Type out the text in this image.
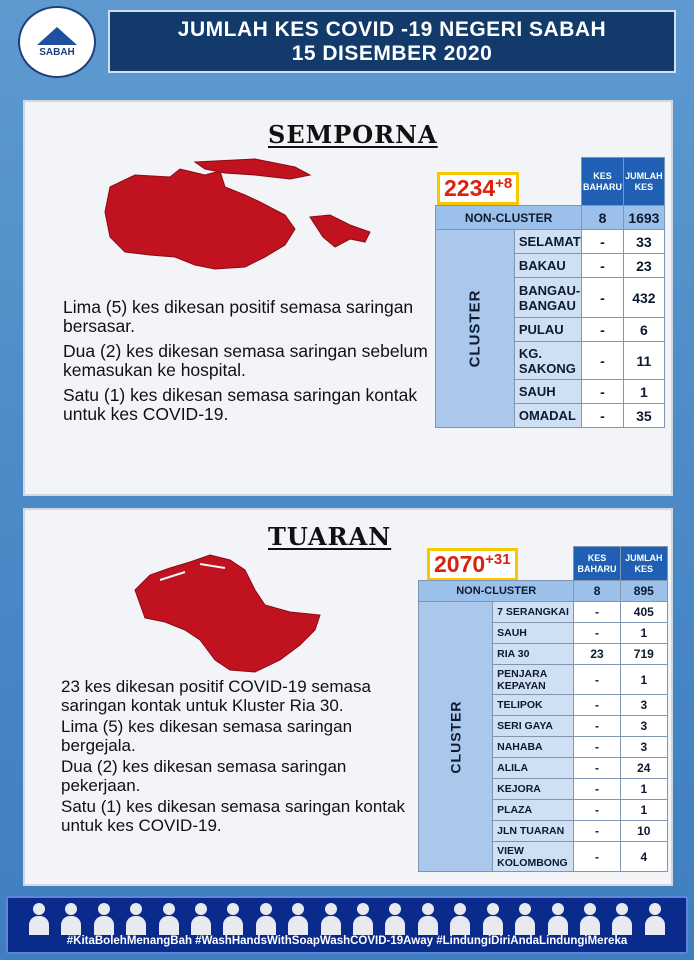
SABAH
JUMLAH KES COVID -19 NEGERI SABAH
15 DISEMBER 2020
SEMPORNA
2234+8
		KES BAHARU	JUMLAH KES
NON-CLUSTER		8	1693
CLUSTER	SELAMAT	-	33
	BAKAU	-	23
	BANGAU-BANGAU	-	432
	PULAU	-	6
	KG. SAKONG	-	11
	SAUH	-	1
	OMADAL	-	35

Lima (5) kes dikesan positif semasa saringan bersasar.

Dua (2) kes dikesan semasa saringan sebelum kemasukan ke hospital.

Satu (1) kes dikesan semasa saringan kontak untuk kes COVID-19.

TUARAN
2070+31
		KES BAHARU	JUMLAH KES
NON-CLUSTER		8	895
CLUSTER	7 SERANGKAI	-	405
	SAUH	-	1
	RIA 30	23	719
	PENJARA KEPAYAN	-	1
	TELIPOK	-	3
	SERI GAYA	-	3
	NAHABA	-	3
	ALILA	-	24
	KEJORA	-	1
	PLAZA	-	1
	JLN TUARAN	-	10
	VIEW KOLOMBONG	-	4

23 kes dikesan positif COVID-19 semasa saringan kontak untuk Kluster Ria 30.

Lima (5) kes dikesan semasa saringan bergejala.

Dua (2) kes dikesan semasa saringan pekerjaan.

Satu (1) kes dikesan semasa saringan kontak untuk kes COVID-19.

#KitaBolehMenangBah #WashHandsWithSoapWashCOVID-19Away #LindungiDiriAndaLindungiMereka
